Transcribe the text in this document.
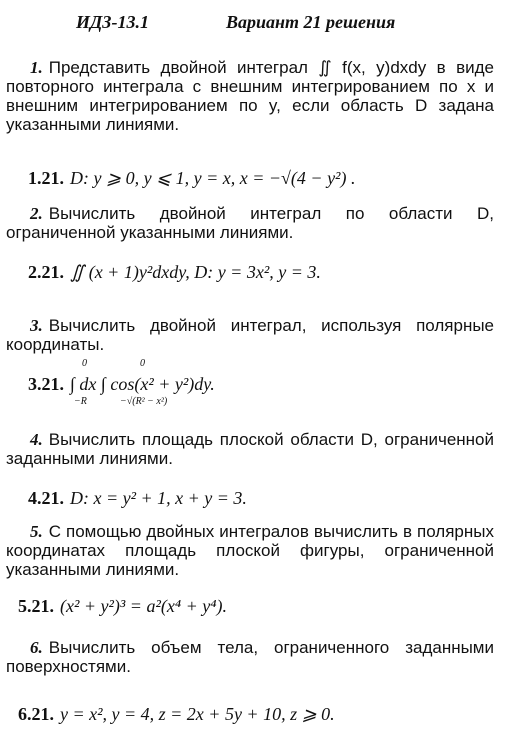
ИДЗ-13.1	Вариант 21 решения
1. Представить двойной интеграл ∬ f(x, y)dxdy в виде повторного интеграла с внешним интегрированием по x и внешним интегрированием по y, если область D задана указанными линиями.
1.21. D: y ⩾ 0, y ⩽ 1, y = x, x = −√(4 − y²) .
2. Вычислить двойной интеграл по области D, ограниченной указанными линиями.
2.21. ∬ (x + 1)y²dxdy, D: y = 3x², y = 3.
3. Вычислить двойной интеграл, используя полярные координаты.
3.21. ∫ dx ∫ cos(x² + y²)dy.
0
−R
0
−√(R² − x²)
4. Вычислить площадь плоской области D, ограниченной заданными линиями.
4.21. D: x = y² + 1, x + y = 3.
5. С помощью двойных интегралов вычислить в полярных координатах площадь плоской фигуры, ограниченной указанными линиями.
5.21. (x² + y²)³ = a²(x⁴ + y⁴).
6. Вычислить объем тела, ограниченного заданными поверхностями.
6.21. y = x², y = 4, z = 2x + 5y + 10, z ⩾ 0.
